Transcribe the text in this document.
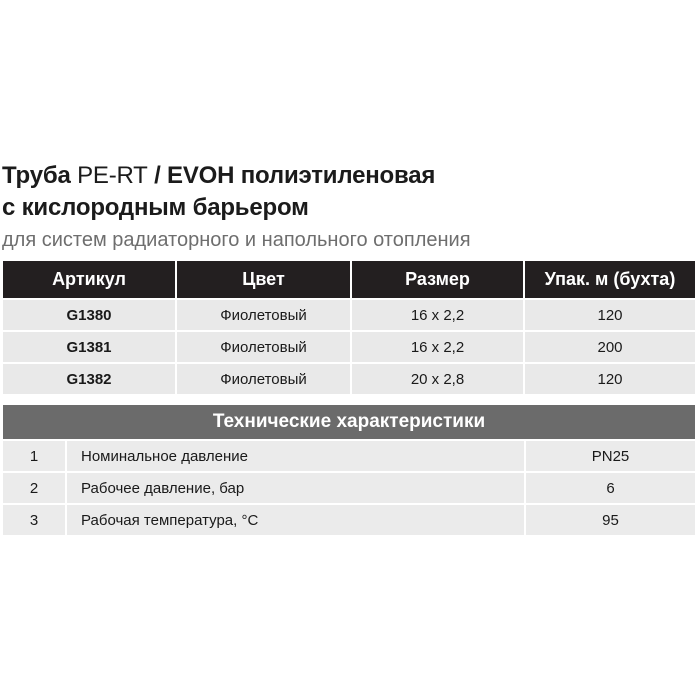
Труба PE-RT / EVOH полиэтиленовая
с кислородным барьером
для систем радиаторного и напольного отопления
Артикул	Цвет	Размер	Упак. м (бухта)
G1380	Фиолетовый	16 x 2,2	120
G1381	Фиолетовый	16 x 2,2	200
G1382	Фиолетовый	20 x 2,8	120
Технические характеристики
1	Номинальное давление	PN25
2	Рабочее давление, бар	6
3	Рабочая температура, °C	95
